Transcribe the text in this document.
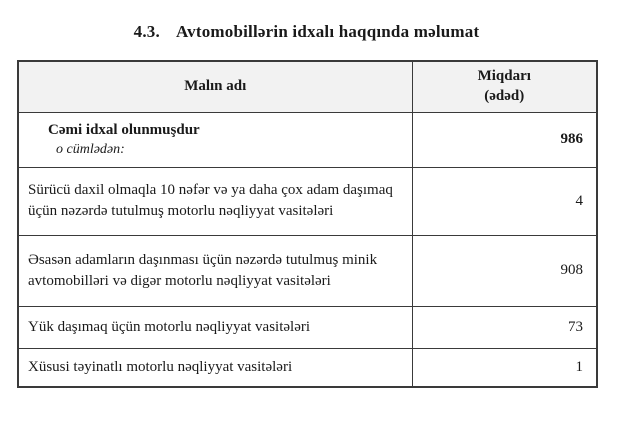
4.3. Avtomobillərin idxalı haqqında məlumat
Malın adı	Miqdarı
(ədəd)

Cəmi idxal olunmuşdur
o cümlədən:	986

Sürücü daxil olmaqla 10 nəfər və ya daha çox adam daşımaq üçün nəzərdə tutulmuş motorlu nəqliyyat vasitələri	4

Əsasən adamların daşınması üçün nəzərdə tutulmuş minik avtomobilləri və digər motorlu nəqliyyat vasitələri	908

Yük daşımaq üçün motorlu nəqliyyat vasitələri	73

Xüsusi təyinatlı motorlu nəqliyyat vasitələri	1
